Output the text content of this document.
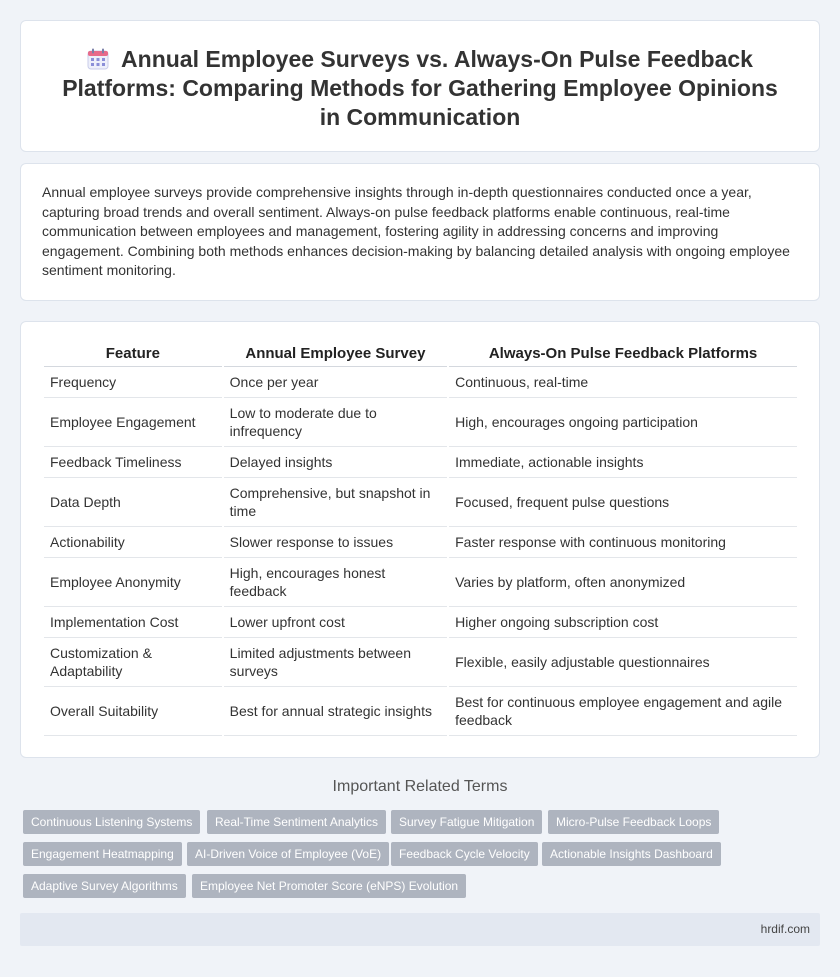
Annual Employee Surveys vs. Always-On Pulse Feedback Platforms: Comparing Methods for Gathering Employee Opinions in Communication

Annual employee surveys provide comprehensive insights through in-depth questionnaires conducted once a year, capturing broad trends and overall sentiment. Always-on pulse feedback platforms enable continuous, real-time communication between employees and management, fostering agility in addressing concerns and improving engagement. Combining both methods enhances decision-making by balancing detailed analysis with ongoing employee sentiment monitoring.

Feature	Annual Employee Survey	Always-On Pulse Feedback Platforms
Frequency	Once per year	Continuous, real-time
Employee Engagement	Low to moderate due to infrequency	High, encourages ongoing participation
Feedback Timeliness	Delayed insights	Immediate, actionable insights
Data Depth	Comprehensive, but snapshot in time	Focused, frequent pulse questions
Actionability	Slower response to issues	Faster response with continuous monitoring
Employee Anonymity	High, encourages honest feedback	Varies by platform, often anonymized
Implementation Cost	Lower upfront cost	Higher ongoing subscription cost
Customization & Adaptability	Limited adjustments between surveys	Flexible, easily adjustable questionnaires
Overall Suitability	Best for annual strategic insights	Best for continuous employee engagement and agile feedback
Important Related Terms
Continuous Listening Systems	Real-Time Sentiment Analytics	Survey Fatigue Mitigation	Micro-Pulse Feedback Loops
Engagement Heatmapping	AI-Driven Voice of Employee (VoE)	Feedback Cycle Velocity	Actionable Insights Dashboard
Adaptive Survey Algorithms	Employee Net Promoter Score (eNPS) Evolution
hrdif.com
